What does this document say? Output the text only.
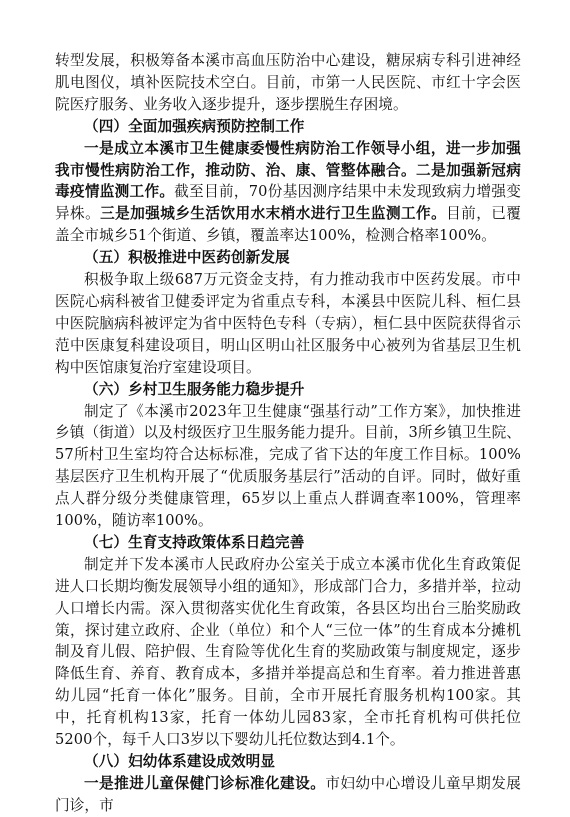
转型发展，积极筹备本溪市高血压防治中心建设，糖尿病专科引进神经肌电图仪，填补医院技术空白。目前，市第一人民医院、市红十字会医院医疗服务、业务收入逐步提升，逐步摆脱生存困境。

（四）全面加强疾病预防控制工作

一是成立本溪市卫生健康委慢性病防治工作领导小组，进一步加强我市慢性病防治工作，推动防、治、康、管整体融合。二是加强新冠病毒疫情监测工作。截至目前，70份基因测序结果中未发现致病力增强变异株。三是加强城乡生活饮用水末梢水进行卫生监测工作。目前，已覆盖全市城乡51个街道、乡镇，覆盖率达100%，检测合格率100%。

（五）积极推进中医药创新发展

积极争取上级687万元资金支持，有力推动我市中医药发展。市中医院心病科被省卫健委评定为省重点专科，本溪县中医院儿科、桓仁县中医院脑病科被评定为省中医特色专科（专病），桓仁县中医院获得省示范中医康复科建设项目，明山区明山社区服务中心被列为省基层卫生机构中医馆康复治疗室建设项目。

（六）乡村卫生服务能力稳步提升

制定了《本溪市2023年卫生健康“强基行动”工作方案》，加快推进乡镇（街道）以及村级医疗卫生服务能力提升。目前，3所乡镇卫生院、57所村卫生室均符合达标标准，完成了省下达的年度工作目标。100%基层医疗卫生机构开展了“优质服务基层行”活动的自评。同时，做好重点人群分级分类健康管理，65岁以上重点人群调查率100%，管理率100%，随访率100%。

（七）生育支持政策体系日趋完善

制定并下发本溪市人民政府办公室关于成立本溪市优化生育政策促进人口长期均衡发展领导小组的通知》，形成部门合力，多措并举，拉动人口增长内需。深入贯彻落实优化生育政策，各县区均出台三胎奖励政策，探讨建立政府、企业（单位）和个人“三位一体”的生育成本分摊机制及育儿假、陪护假、生育险等优化生育的奖励政策与制度规定，逐步降低生育、养育、教育成本，多措并举提高总和生育率。着力推进普惠幼儿园“托育一体化”服务。目前，全市开展托育服务机构100家。其中，托育机构13家，托育一体幼儿园83家，全市托育机构可供托位5200个，每千人口3岁以下婴幼儿托位数达到4.1个。

（八）妇幼体系建设成效明显

一是推进儿童保健门诊标准化建设。市妇幼中心增设儿童早期发展门诊，市
